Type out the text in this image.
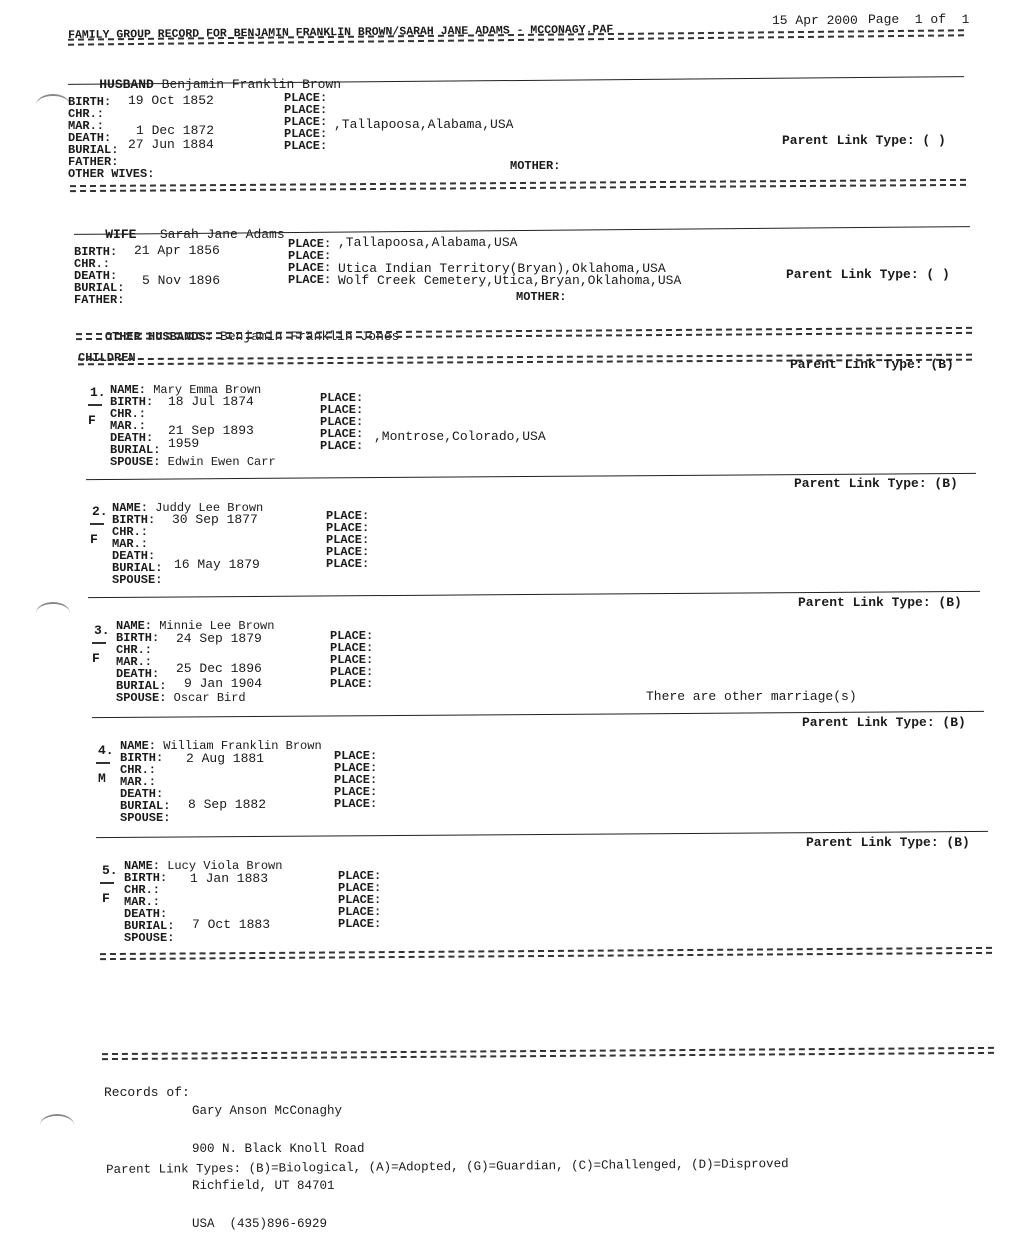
FAMILY GROUP RECORD FOR BENJAMIN FRANKLIN BROWN/SARAH JANE ADAMS - MCCONAGY.PAF
15 Apr 2000 Page  1 of  1

HUSBAND Benjamin Franklin Brown

BIRTH:
CHR.:
MAR.:
DEATH:
BURIAL:
FATHER:
OTHER WIVES:
19 Oct 1852
1 Dec 1872
27 Jun 1884
PLACE:
PLACE:
PLACE:
PLACE:
PLACE:
,Tallapoosa,Alabama,USA
MOTHER:
Parent Link Type: ( )

WIFE Sarah Jane Adams

BIRTH:
CHR.:
DEATH:
BURIAL:
FATHER:
21 Apr 1856
5 Nov 1896
PLACE:
PLACE:
PLACE:
PLACE:
,Tallapoosa,Alabama,USA
Utica Indian Territory(Bryan),Oklahoma,USA
Wolf Creek Cemetery,Utica,Bryan,Oklahoma,USA
MOTHER:
Parent Link Type: ( )

OTHER HUSBANDS: Benjamin Franklin Jones

CHILDREN	Parent Link Type: (B)
1.
F
NAME: Mary Emma Brown
BIRTH:
CHR.:
MAR.:
DEATH:
BURIAL:
SPOUSE: Edwin Ewen Carr
18 Jul 1874
21 Sep 1893
1959
PLACE:
PLACE:
PLACE:
PLACE:
PLACE:
,Montrose,Colorado,USA
Parent Link Type: (B)
2.
F
NAME: Juddy Lee Brown
BIRTH:
CHR.:
MAR.:
DEATH:
BURIAL:
SPOUSE:
30 Sep 1877
16 May 1879
PLACE:
PLACE:
PLACE:
PLACE:
PLACE:
Parent Link Type: (B)
3.
F
NAME: Minnie Lee Brown
BIRTH:
CHR.:
MAR.:
DEATH:
BURIAL:
SPOUSE: Oscar Bird
24 Sep 1879
25 Dec 1896
9 Jan 1904
PLACE:
PLACE:
PLACE:
PLACE:
PLACE:
There are other marriage(s)
Parent Link Type: (B)
4.
M
NAME: William Franklin Brown
BIRTH:
CHR.:
MAR.:
DEATH:
BURIAL:
SPOUSE:
2 Aug 1881
8 Sep 1882
PLACE:
PLACE:
PLACE:
PLACE:
PLACE:
Parent Link Type: (B)
5.
F
NAME: Lucy Viola Brown
BIRTH:
CHR.:
MAR.:
DEATH:
BURIAL:
SPOUSE:
1 Jan 1883
7 Oct 1883
PLACE:
PLACE:
PLACE:
PLACE:
PLACE:
Records of:

Gary Anson McConaghy

900 N. Black Knoll Road

Richfield, UT 84701

USA  (435)896-6929

Parent Link Types: (B)=Biological, (A)=Adopted, (G)=Guardian, (C)=Challenged, (D)=Disproved
